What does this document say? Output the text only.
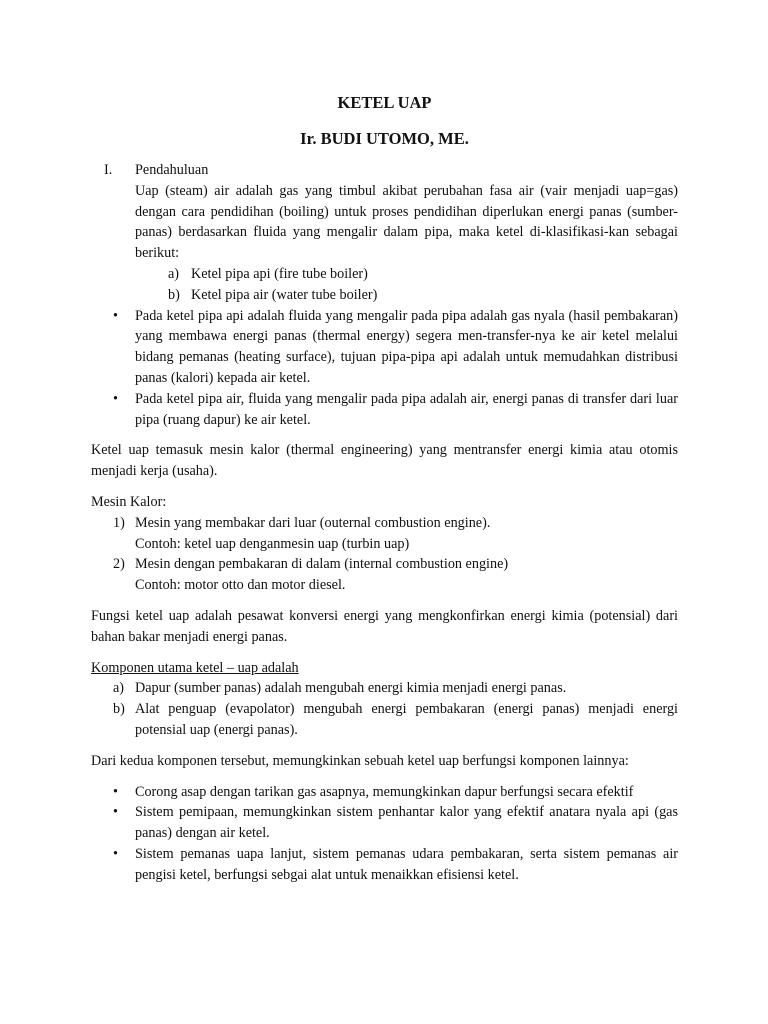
KETEL UAP
Ir. BUDI UTOMO, ME.
I.	Pendahuluan
Uap (steam) air adalah gas yang timbul akibat perubahan fasa air (vair menjadi uap=gas) dengan cara pendidihan (boiling) untuk proses pendidihan diperlukan energi panas (sumber-panas) berdasarkan fluida yang mengalir dalam pipa, maka ketel di-klasifikasi-kan sebagai berikut:
a) Ketel pipa api (fire tube boiler)
b) Ketel pipa air (water tube boiler)
•	Pada ketel pipa api adalah fluida yang mengalir pada pipa adalah gas nyala (hasil pembakaran) yang membawa energi panas (thermal energy) segera men-transfer-nya ke air ketel melalui bidang pemanas (heating surface), tujuan pipa-pipa api adalah untuk memudahkan distribusi panas (kalori) kepada air ketel.
•	Pada ketel pipa air, fluida yang mengalir pada pipa adalah air, energi panas di transfer dari luar pipa (ruang dapur) ke air ketel.

Ketel uap temasuk mesin kalor (thermal engineering) yang mentransfer energi kimia atau otomis menjadi kerja (usaha).

Mesin Kalor:

1) Mesin yang membakar dari luar (outernal combustion engine).
Contoh: ketel uap denganmesin uap (turbin uap)
2) Mesin dengan pembakaran di dalam (internal combustion engine)
Contoh: motor otto dan motor diesel.

Fungsi ketel uap adalah pesawat konversi energi yang mengkonfirkan energi kimia (potensial) dari bahan bakar menjadi energi panas.

Komponen utama ketel – uap adalah

a) Dapur (sumber panas) adalah mengubah energi kimia menjadi energi panas.
b) Alat penguap (evapolator) mengubah energi pembakaran (energi panas) menjadi energi potensial uap (energi panas).

Dari kedua komponen tersebut, memungkinkan sebuah ketel uap berfungsi komponen lainnya:

•	Corong asap dengan tarikan gas asapnya, memungkinkan dapur berfungsi secara efektif
•	Sistem pemipaan, memungkinkan sistem penhantar kalor yang efektif anatara nyala api (gas panas) dengan air ketel.
•	Sistem pemanas uapa lanjut, sistem pemanas udara pembakaran, serta sistem pemanas air pengisi ketel, berfungsi sebgai alat untuk menaikkan efisiensi ketel.
